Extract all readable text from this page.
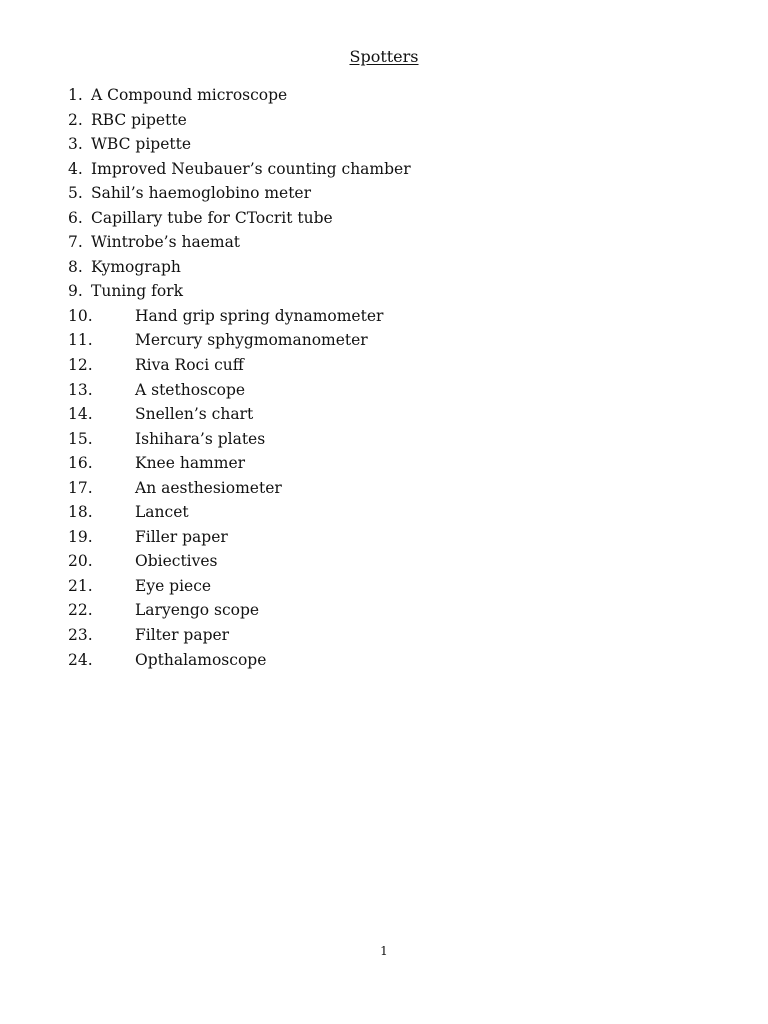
Spotters
1. A Compound microscope
2. RBC pipette
3. WBC pipette
4. Improved Neubauer’s counting chamber
5. Sahil’s haemoglobino meter
6. Capillary tube for CTocrit tube
7. Wintrobe’s haemat
8. Kymograph
9. Tuning fork
10.	Hand grip spring dynamometer
11.	Mercury sphygmomanometer
12.	Riva Roci cuff
13.	A stethoscope
14.	Snellen’s chart
15.	Ishihara’s plates
16.	Knee hammer
17.	An aesthesiometer
18.	Lancet
19.	Filler paper
20.	Obiectives
21.	Eye piece
22.	Laryengo scope
23.	Filter paper
24.	Opthalamoscope
1
